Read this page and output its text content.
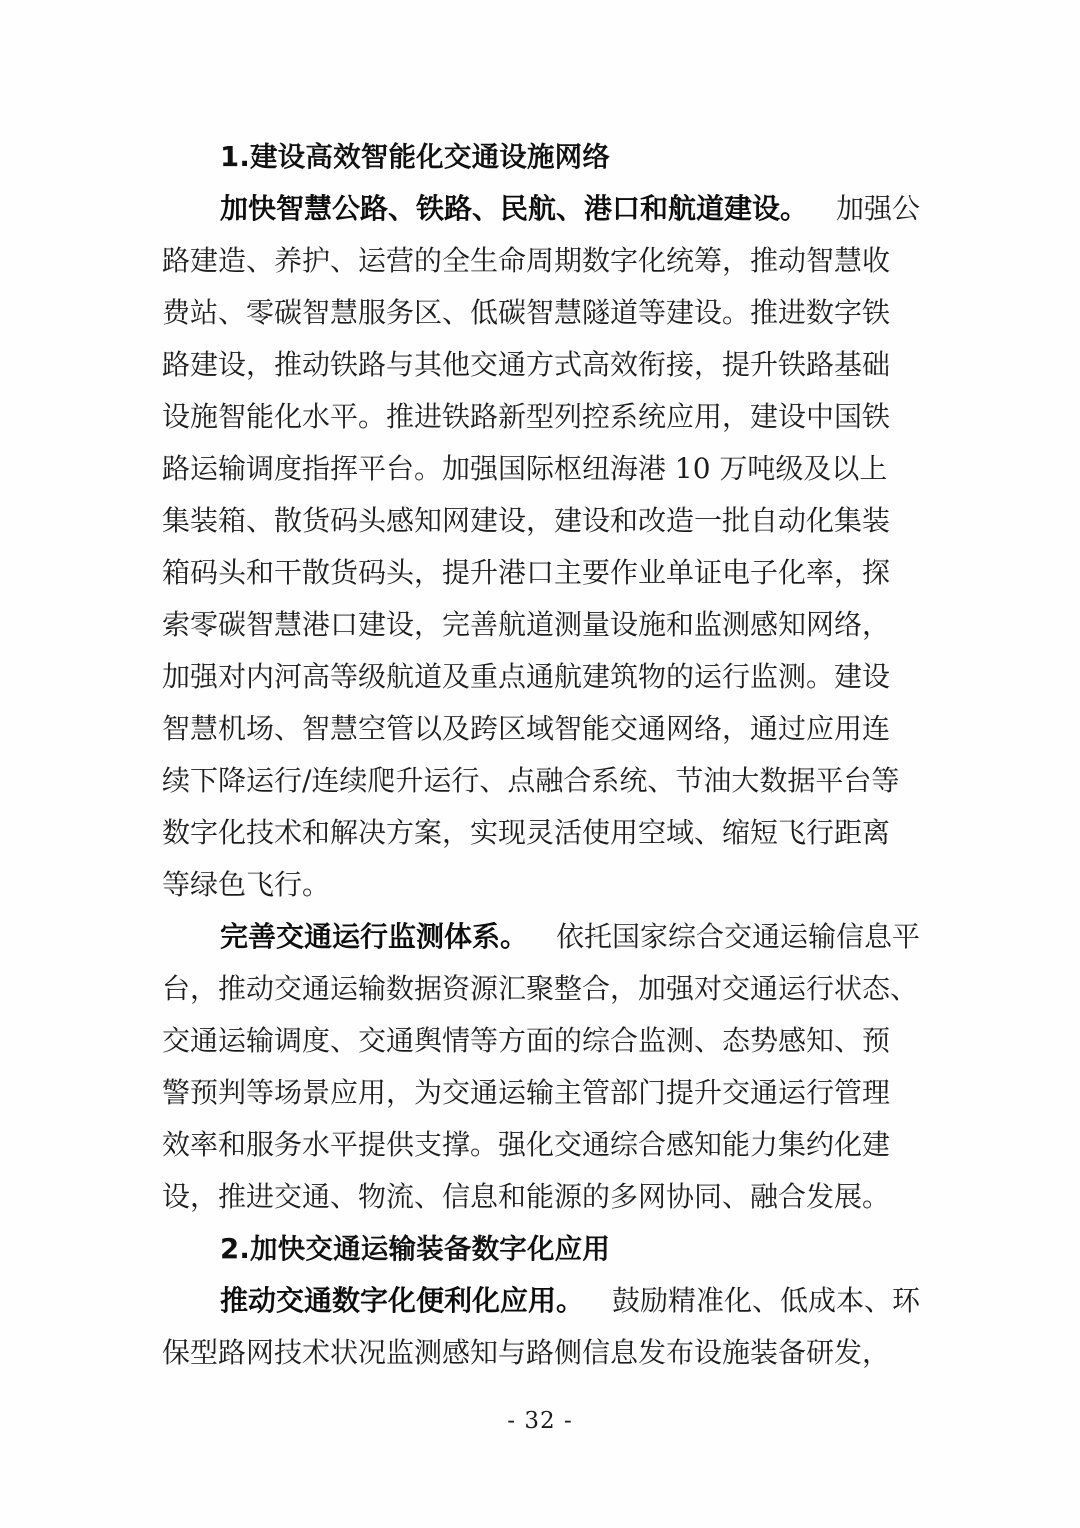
1.建设高效智能化交通设施网络
加快智慧公路、铁路、民航、港口和航道建设。 加强公
路建造、养护、运营的全生命周期数字化统筹，推动智慧收
费站、零碳智慧服务区、低碳智慧隧道等建设。推进数字铁
路建设，推动铁路与其他交通方式高效衔接，提升铁路基础
设施智能化水平。推进铁路新型列控系统应用，建设中国铁
路运输调度指挥平台。加强国际枢纽海港 10 万吨级及以上
集装箱、散货码头感知网建设，建设和改造一批自动化集装
箱码头和干散货码头，提升港口主要作业单证电子化率，探
索零碳智慧港口建设，完善航道测量设施和监测感知网络，
加强对内河高等级航道及重点通航建筑物的运行监测。建设
智慧机场、智慧空管以及跨区域智能交通网络，通过应用连
续下降运行/连续爬升运行、点融合系统、节油大数据平台等
数字化技术和解决方案，实现灵活使用空域、缩短飞行距离
等绿色飞行。
完善交通运行监测体系。 依托国家综合交通运输信息平
台，推动交通运输数据资源汇聚整合，加强对交通运行状态、
交通运输调度、交通舆情等方面的综合监测、态势感知、预
警预判等场景应用，为交通运输主管部门提升交通运行管理
效率和服务水平提供支撑。强化交通综合感知能力集约化建
设，推进交通、物流、信息和能源的多网协同、融合发展。
2.加快交通运输装备数字化应用
推动交通数字化便利化应用。 鼓励精准化、低成本、环
保型路网技术状况监测感知与路侧信息发布设施装备研发，
- 32 -
